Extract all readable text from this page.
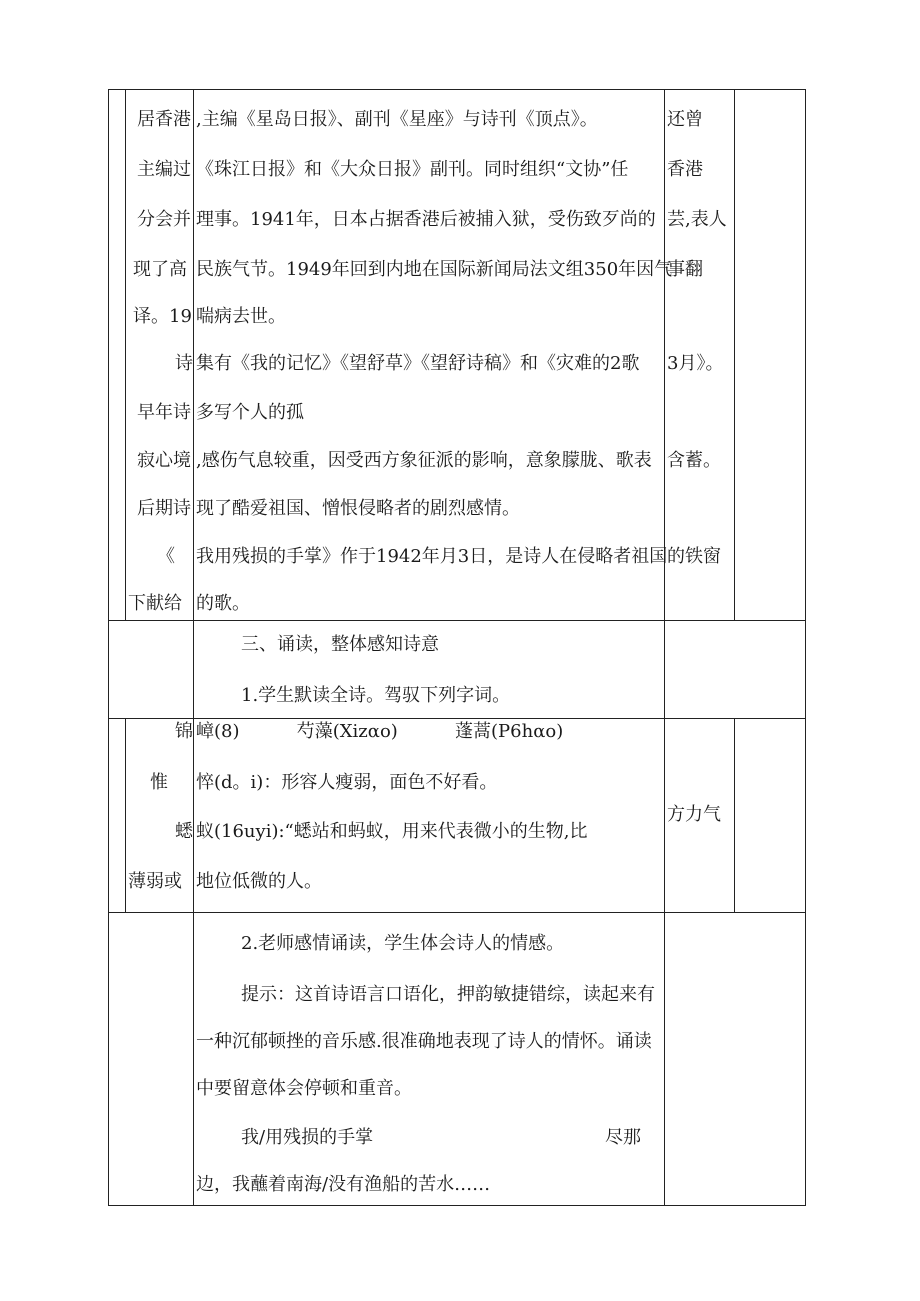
居香港
主编过
分会并
现了高
译。19
诗
早年诗
寂心境
后期诗
《
下献给
,主编《星岛日报》、副刊《星座》与诗刊《顶点》。
《珠江日报》和《大众日报》副刊。同时组织“文协”任
理事。1941年，日本占据香港后被捕入狱，受伤致歹尚的
民族气节。1949年回到内地在国际新闻局法文组350年因气
喘病去世。
集有《我的记忆》《望舒草》《望舒诗稿》和《灾难的2歌
多写个人的孤
,感伤气息较重，因受西方象征派的影响，意象朦胧、歌表
现了酷爱祖国、憎恨侵略者的剧烈感情。
我用残损的手掌》作于1942年月3日，是诗人在侵略者祖国
的歌。
还曾
香港
芸,表人
事翻
3月》。
含蓄。
的铁窗
三、诵读，整体感知诗意
1.学生默读全诗。驾驭下列字词。
锦
惟
蟋
薄弱或
嶂(8)          芍藻(Xizαo)          蓬蒿(P6hαo)
悴(d。i)：形容人瘦弱，面色不好看。
蚁(16uyi):“蟋站和蚂蚁，用来代表微小的生物,比
地位低微的人。
方力气
2.老师感情诵读，学生体会诗人的情感。
提示：这首诗语言口语化，押韵敏捷错综，读起来有
一种沉郁顿挫的音乐感.很准确地表现了诗人的情怀。诵读
中要留意体会停顿和重音。
我/用残损的手掌	尽那
边，我蘸着南海/没有渔船的苦水……
